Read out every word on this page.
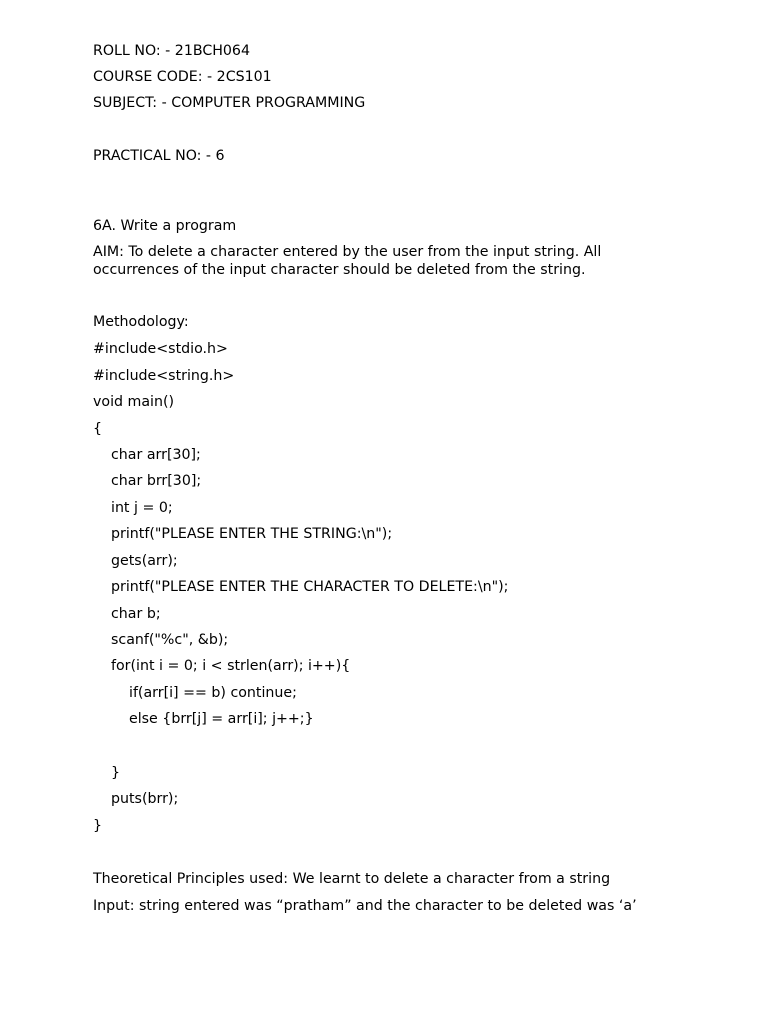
ROLL NO: - 21BCH064
COURSE CODE: - 2CS101
SUBJECT: - COMPUTER PROGRAMMING
PRACTICAL NO: - 6
6A. Write a program
AIM: To delete a character entered by the user from the input string. All occurrences of the input character should be deleted from the string.
Methodology:
#include<stdio.h>
#include<string.h>
void main()
{
char arr[30];
char brr[30];
int j = 0;
printf("PLEASE ENTER THE STRING:\n");
gets(arr);
printf("PLEASE ENTER THE CHARACTER TO DELETE:\n");
char b;
scanf("%c", &b);
for(int i = 0; i < strlen(arr); i++){
if(arr[i] == b) continue;
else {brr[j] = arr[i]; j++;}
}
puts(brr);
}
Theoretical Principles used: We learnt to delete a character from a string
Input: string entered was “pratham” and the character to be deleted was ‘a’
